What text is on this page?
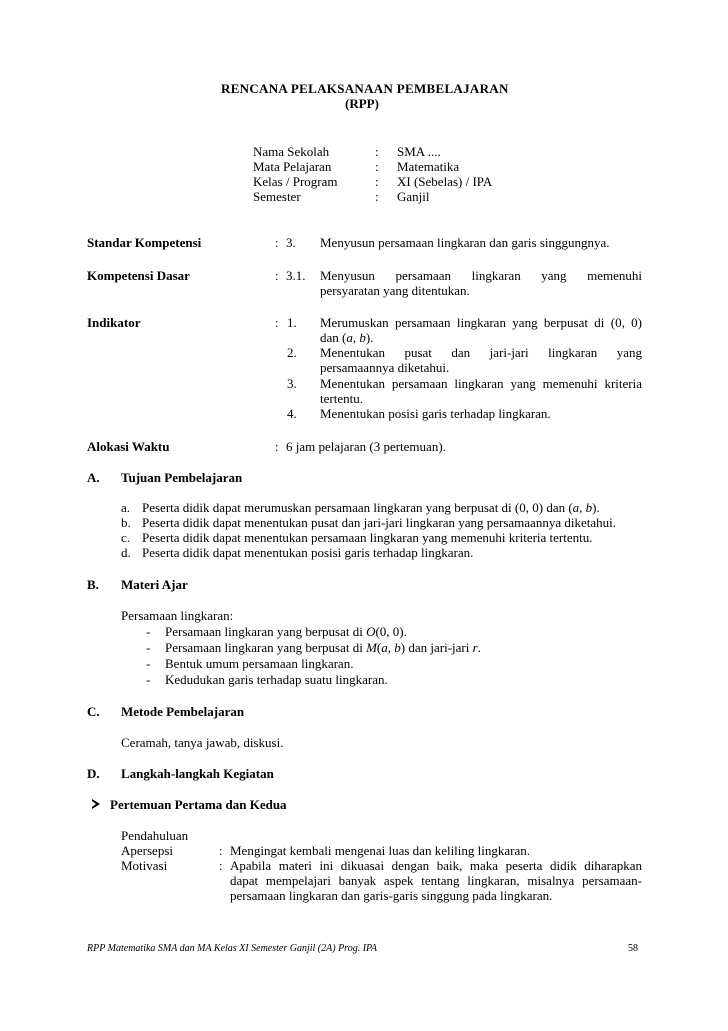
RENCANA PELAKSANAAN PEMBELAJARAN
(RPP)
Nama Sekolah	: SMA ....
Mata Pelajaran	: Matematika
Kelas / Program	: XI (Sebelas) / IPA
Semester	: Ganjil
Standar Kompetensi	: 3. Menyusun persamaan lingkaran dan garis singgungnya.
Kompetensi Dasar	: 3.1. Menyusun persamaan lingkaran yang memenuhi
persyaratan yang ditentukan.
Indikator	: 1. Merumuskan persamaan lingkaran yang berpusat di (0, 0)
dan (a, b).
2. Menentukan pusat dan jari-jari lingkaran yang
persamaannya diketahui.
3. Menentukan persamaan lingkaran yang memenuhi kriteria
tertentu.
4. Menentukan posisi garis terhadap lingkaran.
Alokasi Waktu	: 6 jam pelajaran (3 pertemuan).
A. Tujuan Pembelajaran
a. Peserta didik dapat merumuskan persamaan lingkaran yang berpusat di (0, 0) dan (a, b).
b. Peserta didik dapat menentukan pusat dan jari-jari lingkaran yang persamaannya diketahui.
c. Peserta didik dapat menentukan persamaan lingkaran yang memenuhi kriteria tertentu.
d. Peserta didik dapat menentukan posisi garis terhadap lingkaran.
B. Materi Ajar
Persamaan lingkaran:
- Persamaan lingkaran yang berpusat di O(0, 0).
- Persamaan lingkaran yang berpusat di M(a, b) dan jari-jari r.
- Bentuk umum persamaan lingkaran.
- Kedudukan garis terhadap suatu lingkaran.
C. Metode Pembelajaran
Ceramah, tanya jawab, diskusi.
D. Langkah-langkah Kegiatan
Pertemuan Pertama dan Kedua
Pendahuluan
Apersepsi	: Mengingat kembali mengenai luas dan keliling lingkaran.
Motivasi	: Apabila materi ini dikuasai dengan baik, maka peserta didik diharapkan
dapat mempelajari banyak aspek tentang lingkaran, misalnya persamaan-
persamaan lingkaran dan garis-garis singgung pada lingkaran.
RPP Matematika SMA dan MA Kelas XI Semester Ganjil (2A) Prog. IPA	58
